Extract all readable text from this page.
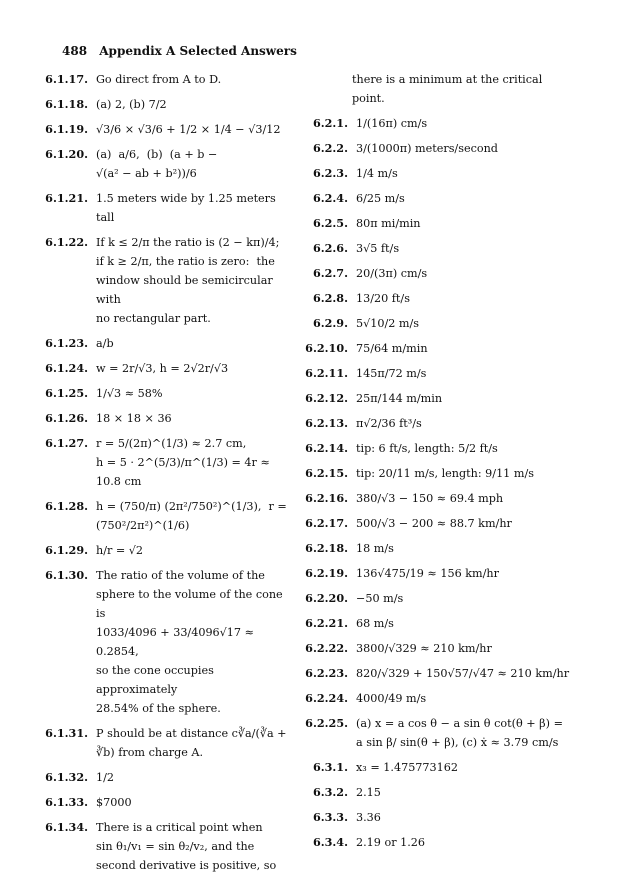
488 Appendix A Selected Answers
6.1.17. Go direct from A to D.
6.1.18. (a) 2, (b) 7/2
6.1.19. √3/6 × √3/6 + 1/2 × 1/4 − √3/12
6.1.20. (a)  a/6,  (b)  (a + b −
√(a² − ab + b²))/6
6.1.21. 1.5 meters wide by 1.25 meters tall
6.1.22. If k ≤ 2/π the ratio is (2 − kπ)/4;
if k ≥ 2/π, the ratio is zero:  the
window should be semicircular with
no rectangular part.
6.1.23. a/b
6.1.24. w = 2r/√3, h = 2√2r/√3
6.1.25. 1/√3 ≈ 58%
6.1.26. 18 × 18 × 36
6.1.27. r = 5/(2π)^(1/3) ≈ 2.7 cm,
h = 5 · 2^(5/3)/π^(1/3) = 4r ≈ 10.8 cm
6.1.28. h = (750/π) (2π²/750²)^(1/3),  r =
(750²/2π²)^(1/6)
6.1.29. h/r = √2
6.1.30. The ratio of the volume of the
sphere to the volume of the cone is
1033/4096 + 33/4096√17 ≈ 0.2854,
so the cone occupies approximately
28.54% of the sphere.
6.1.31. P should be at distance c∛a/(∛a +
∛b) from charge A.
6.1.32. 1/2
6.1.33. $7000
6.1.34. There is a critical point when
sin θ₁/v₁ = sin θ₂/v₂, and the
second derivative is positive, so
there is a minimum at the critical
point.
6.2.1. 1/(16π) cm/s
6.2.2. 3/(1000π) meters/second
6.2.3. 1/4 m/s
6.2.4. 6/25 m/s
6.2.5. 80π mi/min
6.2.6. 3√5 ft/s
6.2.7. 20/(3π) cm/s
6.2.8. 13/20 ft/s
6.2.9. 5√10/2 m/s
6.2.10. 75/64 m/min
6.2.11. 145π/72 m/s
6.2.12. 25π/144 m/min
6.2.13. π√2/36 ft³/s
6.2.14. tip: 6 ft/s, length: 5/2 ft/s
6.2.15. tip: 20/11 m/s, length: 9/11 m/s
6.2.16. 380/√3 − 150 ≈ 69.4 mph
6.2.17. 500/√3 − 200 ≈ 88.7 km/hr
6.2.18. 18 m/s
6.2.19. 136√475/19 ≈ 156 km/hr
6.2.20. −50 m/s
6.2.21. 68 m/s
6.2.22. 3800/√329 ≈ 210 km/hr
6.2.23. 820/√329 + 150√57/√47 ≈ 210 km/hr
6.2.24. 4000/49 m/s
6.2.25. (a) x = a cos θ − a sin θ cot(θ + β) =
a sin β/ sin(θ + β), (c) ẋ ≈ 3.79 cm/s
6.3.1. x₃ = 1.475773162
6.3.2. 2.15
6.3.3. 3.36
6.3.4. 2.19 or 1.26
